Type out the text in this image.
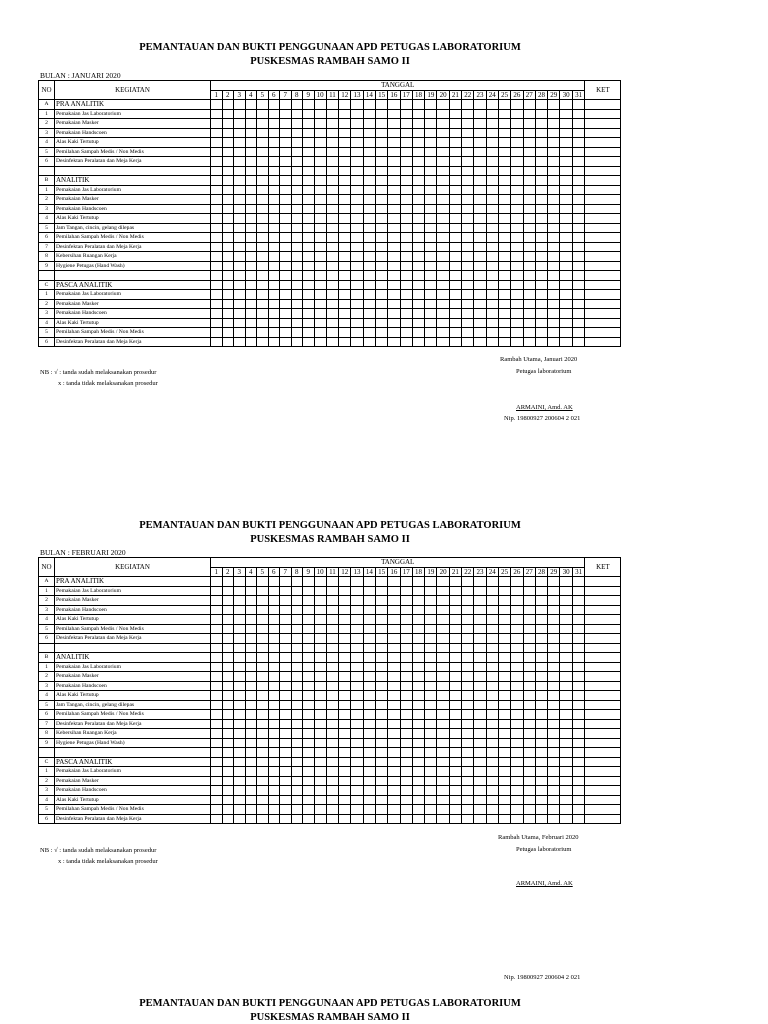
PEMANTAUAN DAN BUKTI PENGGUNAAN APD PETUGAS LABORATORIUM
PUSKESMAS RAMBAH SAMO II
BULAN : JANUARI 2020
NO	KEGIATAN	TANGGAL																															KET
		1	2	3	4	5	6	7	8	9	10	11	12	13	14	15	16	17	18	19	20	21	22	23	24	25	26	27	28	29	30	31	
A	PRA ANALITIK																																
1	Pemakaian Jas Laboratorium																																
2	Pemakaian Masker																																
3	Pemakaian Handscoen																																
4	Alas Kaki Tertutup																																
5	Pemilahan Sampah Medis / Non Medis																																
6	Desinfektan Peralatan dan Meja Kerja																																

B	ANALITIK																																
1	Pemakaian Jas Laboratorium																																
2	Pemakaian Masker																																
3	Pemakaian Handscoen																																
4	Alas Kaki Tertutup																																
5	Jam Tangan, cincin, gelang dilepas																																
6	Pemilahan Sampah Medis / Non Medis																																
7	Desinfektan Peralatan dan Meja Kerja																																
8	Kebersihan Ruangan Kerja																																
9	Hygiene Petugas (Hand Wash)																																

C	PASCA ANALITIK																																
1	Pemakaian Jas Laboratorium																																
2	Pemakaian Masker																																
3	Pemakaian Handscoen																																
4	Alas Kaki Tertutup																																
5	Pemilahan Sampah Medis / Non Medis																																
6	Desinfektan Peralatan dan Meja Kerja																																
Rambah Utama, Januari 2020
Petugas laboratorium
NB : √ : tanda sudah melaksanakan prosedur
x : tanda tidak melaksanakan prosedur
ARMAINI, Amd. AK
Nip. 19800927 200604 2 021
PEMANTAUAN DAN BUKTI PENGGUNAAN APD PETUGAS LABORATORIUM
PUSKESMAS RAMBAH SAMO II
BULAN : FEBRUARI 2020
NO	KEGIATAN	TANGGAL																															KET
		1	2	3	4	5	6	7	8	9	10	11	12	13	14	15	16	17	18	19	20	21	22	23	24	25	26	27	28	29	30	31	
A	PRA ANALITIK																																
1	Pemakaian Jas Laboratorium																																
2	Pemakaian Masker																																
3	Pemakaian Handscoen																																
4	Alas Kaki Tertutup																																
5	Pemilahan Sampah Medis / Non Medis																																
6	Desinfektan Peralatan dan Meja Kerja																																

B	ANALITIK																																
1	Pemakaian Jas Laboratorium																																
2	Pemakaian Masker																																
3	Pemakaian Handscoen																																
4	Alas Kaki Tertutup																																
5	Jam Tangan, cincin, gelang dilepas																																
6	Pemilahan Sampah Medis / Non Medis																																
7	Desinfektan Peralatan dan Meja Kerja																																
8	Kebersihan Ruangan Kerja																																
9	Hygiene Petugas (Hand Wash)																																

C	PASCA ANALITIK																																
1	Pemakaian Jas Laboratorium																																
2	Pemakaian Masker																																
3	Pemakaian Handscoen																																
4	Alas Kaki Tertutup																																
5	Pemilahan Sampah Medis / Non Medis																																
6	Desinfektan Peralatan dan Meja Kerja																																
Rambah Utama, Februari 2020
Petugas laboratorium
NB : √ : tanda sudah melaksanakan prosedur
x : tanda tidak melaksanakan prosedur
ARMAINI, Amd. AK
Nip. 19800927 200604 2 021
PEMANTAUAN DAN BUKTI PENGGUNAAN APD PETUGAS LABORATORIUM
PUSKESMAS RAMBAH SAMO II
